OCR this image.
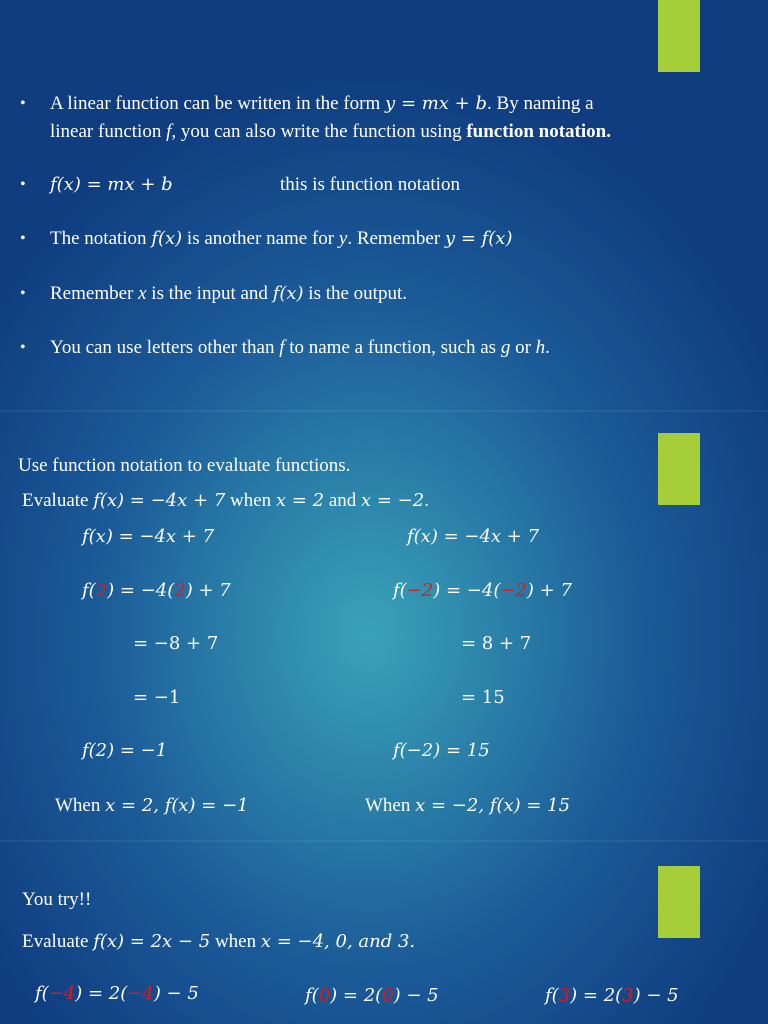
• A linear function can be written in the form y = mx + b. By naming a
linear function f, you can also write the function using function notation.
• f(x) = mx + b	this is function notation
• The notation f(x) is another name for y. Remember y = f(x)
• Remember x is the input and f(x) is the output.
• You can use letters other than f to name a function, such as g or h.
Use function notation to evaluate functions.
Evaluate f(x) = −4x + 7 when x = 2 and x = −2.
f(x) = −4x + 7
f(2) = −4(2) + 7
= −8 + 7
= −1
f(2) = −1
When x = 2, f(x) = −1
f(x) = −4x + 7
f(−2) = −4(−2) + 7
= 8 + 7
= 15
f(−2) = 15
When x = −2, f(x) = 15
You try!!
Evaluate f(x) = 2x − 5 when x = −4, 0, and 3.
f(−4) = 2(−4) − 5	f(0) = 2(0) − 5	f(3) = 2(3) − 5
